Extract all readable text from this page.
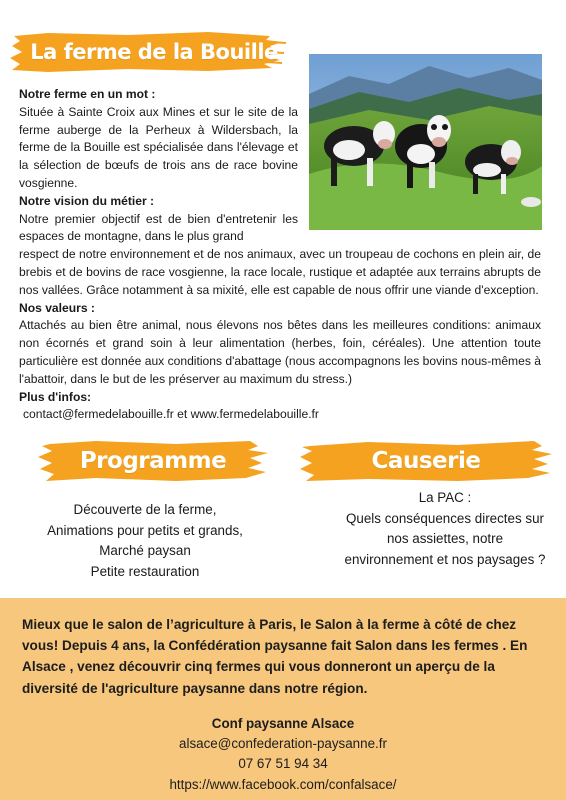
La ferme de la Bouille

Notre ferme en un mot :

Située à Sainte Croix aux Mines et sur le site de la ferme auberge de la Perheux à Wildersbach, la ferme de la Bouille est spécialisée dans l'élevage et la sélection de bœufs de trois ans de race bovine vosgienne.

Notre vision du métier :

Notre premier objectif est de bien d'entretenir les espaces de montagne, dans le plus grand

respect de notre environnement et de nos animaux, avec un troupeau de cochons en plein air, de brebis et de bovins de race vosgienne, la race locale, rustique et adaptée aux terrains abrupts de nos vallées. Grâce notamment à sa mixité, elle est capable de nous offrir une viande d'exception.

Nos valeurs :

Attachés au bien être animal, nous élevons nos bêtes dans les meilleures conditions: animaux non écornés et grand soin à leur alimentation (herbes, foin, céréales). Une attention toute particulière est donnée aux conditions d'abattage (nous accompagnons les bovins nous-mêmes à l'abattoir, dans le but de les préserver au maximum du stress.)

Plus d'infos:

contact@fermedelabouille.fr et www.fermedelabouille.fr

Programme	Causerie
Découverte de la ferme,
Animations pour petits et grands,
Marché paysan
Petite restauration
La PAC :
Quels conséquences directes sur
nos assiettes, notre
environnement et nos paysages ?
Mieux que le salon de l’agriculture à Paris, le Salon à la ferme à côté de chez vous! Depuis 4 ans, la Confédération paysanne fait Salon dans les fermes . En Alsace , venez découvrir cinq fermes qui vous donneront un aperçu de la diversité de l'agriculture paysanne dans notre région.
Conf paysanne Alsace
alsace@confederation-paysanne.fr
07 67 51 94 34
https://www.facebook.com/confalsace/
